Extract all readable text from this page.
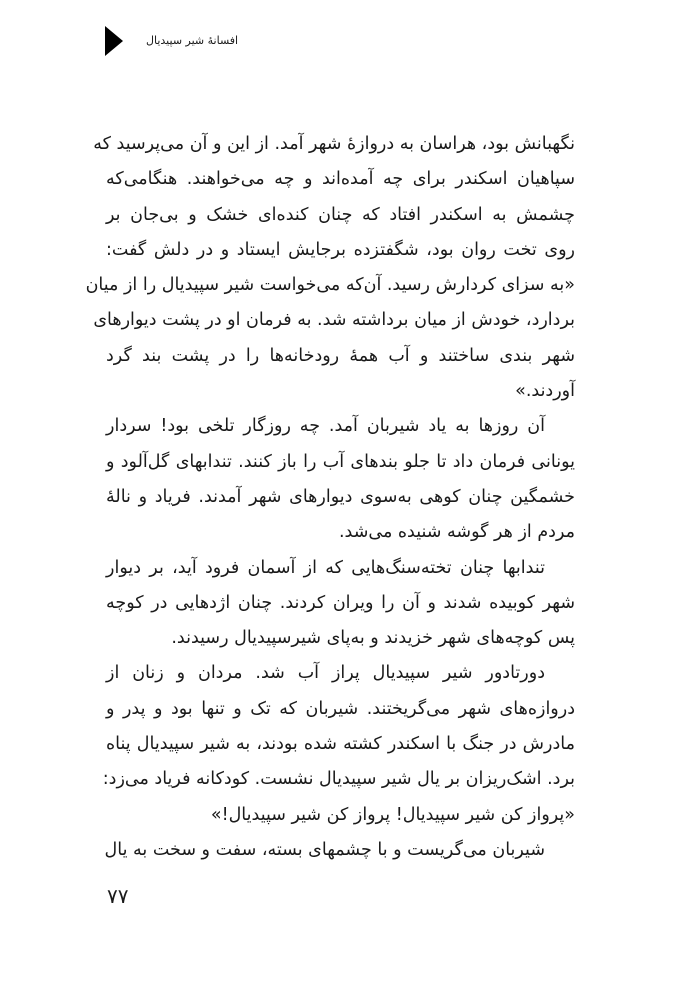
افسانهٔ شیر سپیدیال
نگهبانش بود، هراسان به دروازهٔ شهر آمد. از این و آن می‌پرسید که
سپاهیان اسکندر برای چه آمده‌اند و چه می‌خواهند. هنگامی‌که
چشمش به اسکندر افتاد که چنان کنده‌ای خشک و بی‌جان بر
روی تخت روان بود، شگفتزده برجایش ایستاد و در دلش گفت:
«به سزای کردارش رسید. آن‌که می‌خواست شیر سپیدیال را از میان
بردارد، خودش از میان برداشته شد. به فرمان او در پشت دیوارهای
شهر بندی ساختند و آب همهٔ رودخانه‌ها را در پشت بند گرد
آوردند.»
آن روزها به یاد شیربان آمد. چه روزگار تلخی بود! سردار
یونانی فرمان داد تا جلو بندهای آب را باز کنند. تندابهای گل‌آلود و
خشمگین چنان کوهی به‌سوی دیوارهای شهر آمدند. فریاد و نالهٔ
مردم از هر گوشه شنیده می‌شد.
تندابها چنان تخته‌سنگ‌هایی که از آسمان فرود آید، بر دیوار
شهر کوبیده شدند و آن را ویران کردند. چنان اژدهایی در کوچه
پس کوچه‌های شهر خزیدند و به‌پای شیرسپیدیال رسیدند.
دورتادور شیر سپیدیال پراز آب شد. مردان و زنان از
دروازه‌های شهر می‌گریختند. شیربان که تک و تنها بود و پدر و
مادرش در جنگ با اسکندر کشته شده بودند، به شیر سپیدیال پناه
برد. اشک‌ریزان بر یال شیر سپیدیال نشست. کودکانه فریاد می‌زد:
«پرواز کن شیر سپیدیال! پرواز کن شیر سپیدیال!»
شیربان می‌گریست و با چشمهای بسته، سفت و سخت به یال
۷۷
